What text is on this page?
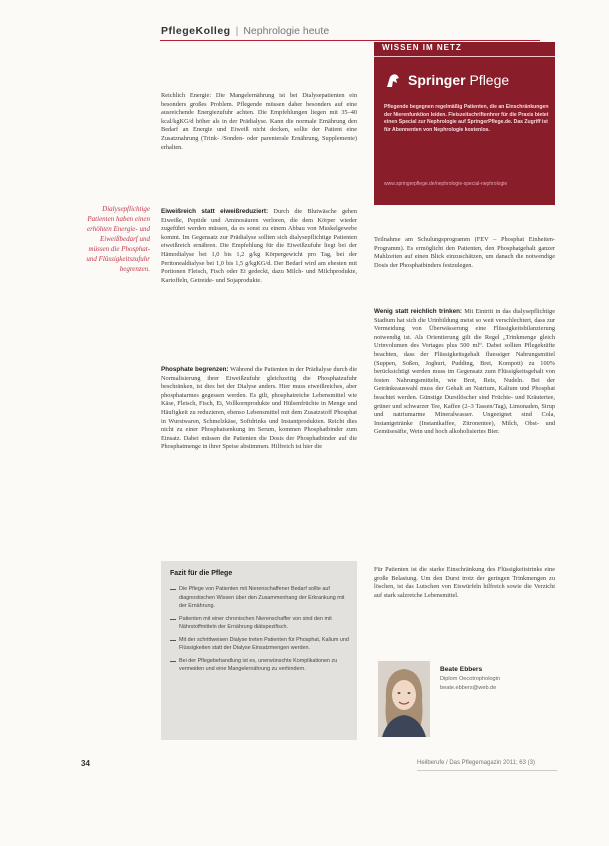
PflegeKolleg | Nephrologie heute

Reichlich Energie: Die Mangelernährung ist bei Dialysepatienten ein besonders großes Problem. Pflegende müssen daher besonders auf eine ausreichende Energiezufuhr achten. Die Empfehlungen liegen mit 35–40 kcal/kgKG/d höher als in der Prädialyse. Kann die normale Ernährung den Bedarf an Energie und Eiweiß nicht decken, sollte der Patient eine Zusatznahrung (Trink- /Sonden- oder parenterale Ernährung, Supplemente) erhalten.

Eiweißreich statt eiweißreduziert: Durch die Blutwäsche gehen Eiweiße, Peptide und Aminosäuren verloren, die dem Körper wieder zugeführt werden müssen, da es sonst zu einem Abbau von Muskelgewebe kommt. Im Gegensatz zur Prädialyse sollten sich dialysepflichtige Patienten eiweißreich ernähren. Die Empfehlung für die Eiweißzufuhr liegt bei der Hämodialyse bei 1,0 bis 1,2 g/kg Körpergewicht pro Tag, bei der Peritonealdialyse bei 1,0 bis 1,5 g/kgKG/d. Der Bedarf wird am ehesten mit Portionen Fleisch, Fisch oder Ei gedeckt, dazu Milch- und Milchprodukte, Kartoffeln, Getreide- und Sojaprodukte.

Phosphate begrenzen: Während die Patienten in der Prädialyse durch die Normalisierung ihrer Eiweißzufuhr gleichzeitig die Phosphatzufuhr beschränken, ist dies bei der Dialyse anders. Hier muss eiweißreiches, aber phosphatarmes gegessen werden. Es gilt, phosphatreiche Lebensmittel wie Käse, Fleisch, Fisch, Ei, Vollkornprodukte und Hülsenfrüchte in Menge und Häufigkeit zu reduzieren, ebenso Lebensmittel mit dem Zusatzstoff Phosphat in Wurstwaren, Schmelzkäse, Softdrinks und Instantprodukten. Reicht dies nicht zu einer Phosphatsenkung im Serum, kommen Phosphatbinder zum Einsatz. Dabei müssen die Patienten die Dosis der Phosphatbinder auf die Phosphatmenge in ihrer Speise abstimmen. Hilfreich ist hier die

Dialysepflichtige Patienten haben einen erhöhten Energie- und Eiweißbedarf und müssen die Phosphat- und Flüssigkeitszufuhr begrenzen.

WISSEN IM NETZ
Springer Pflege

Pflegende begegnen regelmäßig Patienten, die an Einschränkungen der Nierenfunktion leiden. Fleiszeitschriftenhrer für die Praxis bietet einen Special zur Nephrologie auf SpringerPflege.de. Das Zugriff ist für Abonnenten von Nephrologie kostenlos.

www.springerpflege.de/nephrologie-special-nephrologie

Teilnahme am Schulungsprogramm (FEV – Phosphat Einheiten-Programm). Es ermöglicht den Patienten, den Phosphatgehalt ganzer Mahlzeiten auf einen Blick einzuschätzen, um danach die notwendige Dosis der Phosphatbinders festzulegen.

Wenig statt reichlich trinken: Mit Eintritt in das dialysepflichtige Stadium hat sich die Urinbildung meist so weit verschlechtert, dass zur Vermeidung von Überwässerung eine Flüssigkeitsbilanzierung notwendig ist. Als Orientierung gilt die Regel „Trinkmenge gleich Urinvolumen des Vortages plus 500 ml“. Dabei sollten Pflegekräfte beachten, dass der Flüssigkeitsgehalt fluessiger Nahrungsmittel (Suppen, Soßen, Joghurt, Pudding, Brei, Kompott) zu 100% berücksichtigt werden muss im Gegensatz zum Flüssigkeitsgehalt von festen Nahrungsmitteln, wie Brot, Reis, Nudeln. Bei der Getränkeauswahl muss der Gehalt an Natrium, Kalium und Phosphat beachtet werden. Günstige Durstlöscher sind Früchte- und Kräutertee, grüner und schwarzer Tee, Kaffee (2–3 Tassen/Tag), Limonaden, Sirup und natriumarme Mineralwasser. Ungeeignet sind Cola, Instantgetränke (Instantkaffee, Zitronentee), Milch, Obst- und Gemüsesäfte, Wein und hoch alkoholisiertes Bier.

Für Patienten ist die starke Einschränkung des Flüssigkeitstrinks eine große Belastung. Um den Durst trotz der geringen Trinkmengen zu löschen, ist das Lutschen von Eiswürfeln hilfreich sowie die Verzicht auf stark salzreiche Lebensmittel.

Fazit für die Pflege
Die Pflege von Patienten mit Nierenschaffener Bedarf sollte auf diagnostischen Wissen über den Zusammenhang der Erkrankung mit der Ernährung.
Patienten mit einer chronischen Nierenschaffer von sind den mit Nährstoffmitteln der Ernährung diätspezifisch.
Mit der schrittweisen Dialyse treten Patienten für Phosphat, Kalium und Flüssigkeiten statt der Dialyse Einsatzmengen werden.
Bei der Pflegebehandlung ist es, unerwünschte Komplikationen zu vermeiden und eine Mangelernährung zu verhindern.	Beate Ebbers
Diplom Oecotrophologin
beate.ebbers@web.de
34	Heilberufe / Das Pflegemagazin 2011; 63 (3)
